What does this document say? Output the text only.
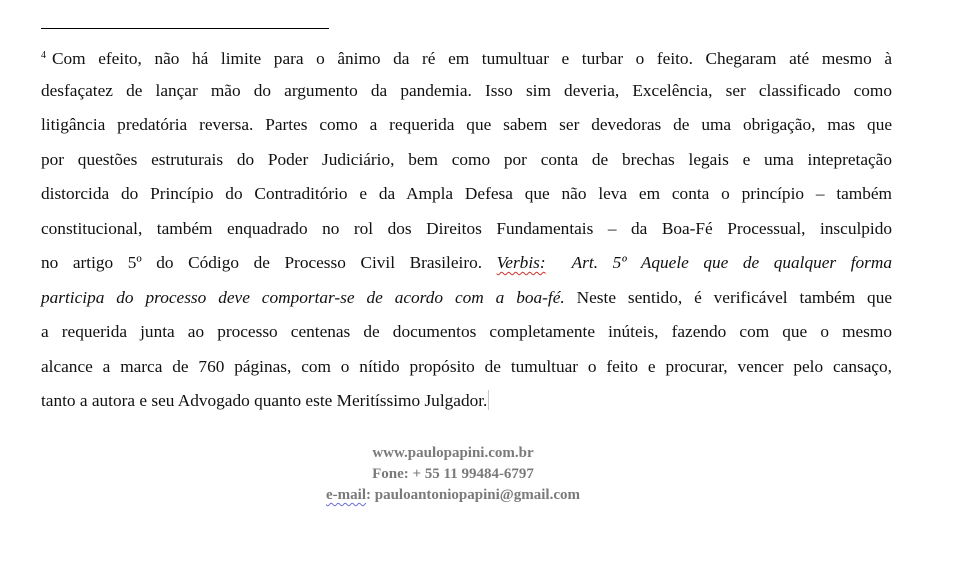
$^4$ Com efeito, não há limite para o ânimo da ré em tumultuar e turbar o feito. Chegaram até mesmo à
desfaçatez de lançar mão do argumento da pandemia. Isso sim deveria, Excelência, ser classificado como
litigância predatória reversa. Partes como a requerida que sabem ser devedoras de uma obrigação, mas que
por questões estruturais do Poder Judiciário, bem como por conta de brechas legais e uma intepretação
distorcida do Princípio do Contraditório e da Ampla Defesa que não leva em conta o princípio – também
constitucional, também enquadrado no rol dos Direitos Fundamentais – da Boa-Fé Processual, insculpido
no artigo 5º do Código de Processo Civil Brasileiro. Verbis: Art. 5º Aquele que de qualquer forma
participa do processo deve comportar-se de acordo com a boa-fé. Neste sentido, é verificável também que
a requerida junta ao processo centenas de documentos completamente inúteis, fazendo com que o mesmo
alcance a marca de 760 páginas, com o nítido propósito de tumultuar o feito e procurar, vencer pelo cansaço,
tanto a autora e seu Advogado quanto este Meritíssimo Julgador.
www.paulopapini.com.br
Fone: + 55 11 99484-6797
e-mail: pauloantoniopapini@gmail.com
